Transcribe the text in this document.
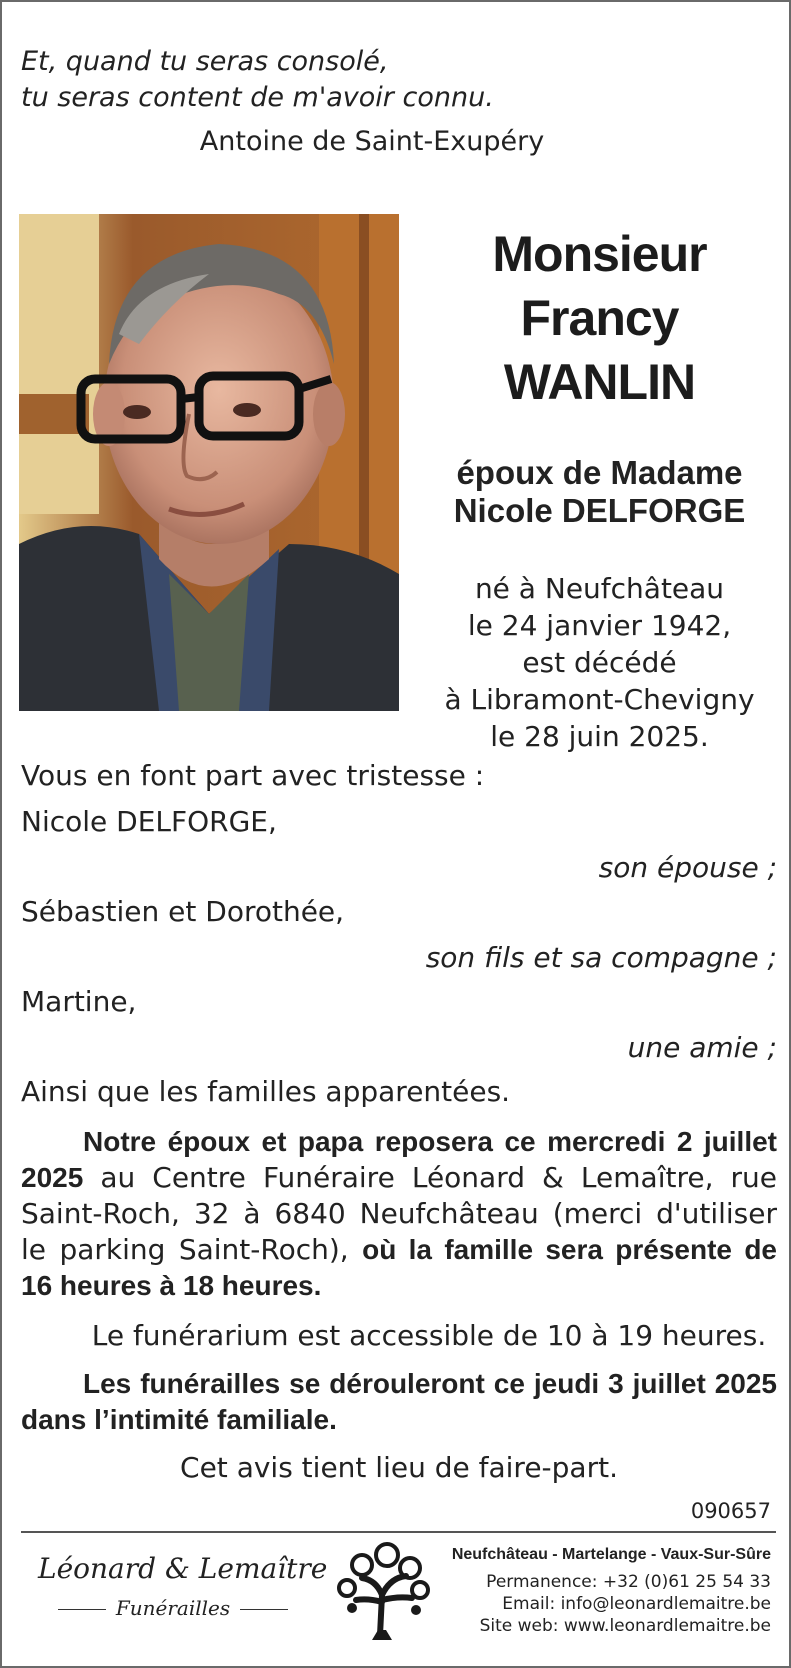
Et, quand tu seras consolé,
tu seras content de m'avoir connu.
Antoine de Saint-Exupéry
Monsieur
Francy
WANLIN
époux de Madame
Nicole DELFORGE
né à Neufchâteau
le 24 janvier 1942,
est décédé
à Libramont-Chevigny
le 28 juin 2025.
Vous en font part avec tristesse :
Nicole DELFORGE,
son épouse ;
Sébastien et Dorothée,
son fils et sa compagne ;
Martine,
une amie ;
Ainsi que les familles apparentées.
Notre époux et papa reposera ce mercredi 2 juillet 2025 au Centre Funéraire Léonard & Lemaître, rue Saint-Roch, 32 à 6840 Neufchâteau (merci d'utiliser le parking Saint-Roch), où la famille sera présente de 16 heures à 18 heures.
Le funérarium est accessible de 10 à 19 heures.
Les funérailles se dérouleront ce jeudi 3 juillet 2025 dans l’intimité familiale.
Cet avis tient lieu de faire-part.
090657
Léonard & Lemaître
Funérailles
Neufchâteau - Martelange - Vaux-Sur-Sûre
Permanence: +32 (0)61 25 54 33
Email: info@leonardlemaitre.be
Site web: www.leonardlemaitre.be
